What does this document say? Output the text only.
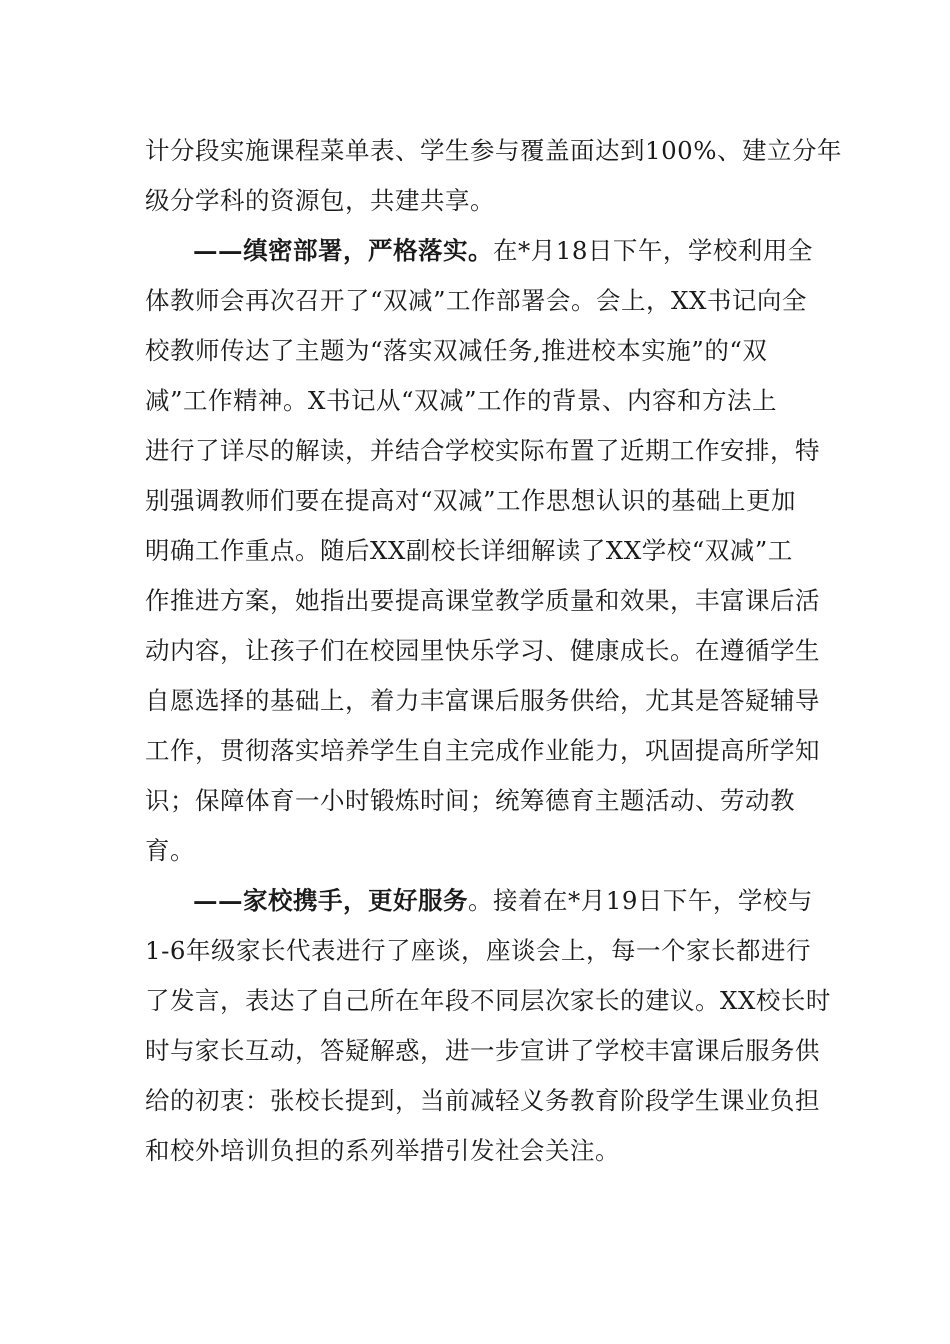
计分段实施课程菜单表、学生参与覆盖面达到100%、建立分年
级分学科的资源包，共建共享。
——缜密部署，严格落实。在*月18日下午，学校利用全
体教师会再次召开了“双减”工作部署会。会上，XX书记向全
校教师传达了主题为“落实双减任务,推进校本实施”的“双
减”工作精神。X书记从“双减”工作的背景、内容和方法上
进行了详尽的解读，并结合学校实际布置了近期工作安排，特
别强调教师们要在提高对“双减”工作思想认识的基础上更加
明确工作重点。随后XX副校长详细解读了XX学校“双减”工
作推进方案，她指出要提高课堂教学质量和效果，丰富课后活
动内容，让孩子们在校园里快乐学习、健康成长。在遵循学生
自愿选择的基础上，着力丰富课后服务供给，尤其是答疑辅导
工作，贯彻落实培养学生自主完成作业能力，巩固提高所学知
识；保障体育一小时锻炼时间；统筹德育主题活动、劳动教
育。
——家校携手，更好服务。接着在*月19日下午，学校与
1-6年级家长代表进行了座谈，座谈会上，每一个家长都进行
了发言，表达了自己所在年段不同层次家长的建议。XX校长时
时与家长互动，答疑解惑，进一步宣讲了学校丰富课后服务供
给的初衷：张校长提到，当前减轻义务教育阶段学生课业负担
和校外培训负担的系列举措引发社会关注。
